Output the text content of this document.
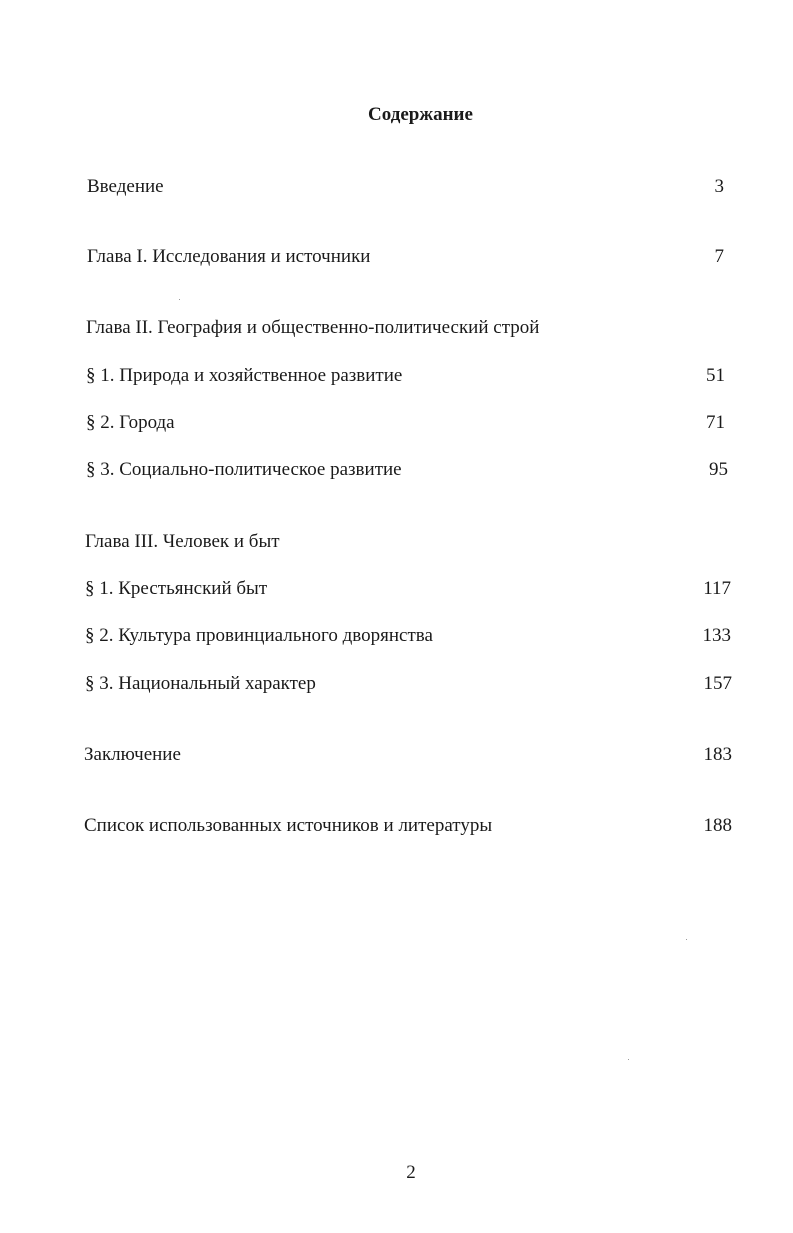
Содержание
Введение	3
Глава I. Исследования и источники	7
Глава II. География и общественно-политический строй
§ 1. Природа и хозяйственное развитие	51
§ 2. Города	71
§ 3. Социально-политическое развитие	95
Глава III. Человек и быт
§ 1. Крестьянский быт	117
§ 2. Культура провинциального дворянства	133
§ 3. Национальный характер	157
Заключение	183
Список использованных источников и литературы	188
2
